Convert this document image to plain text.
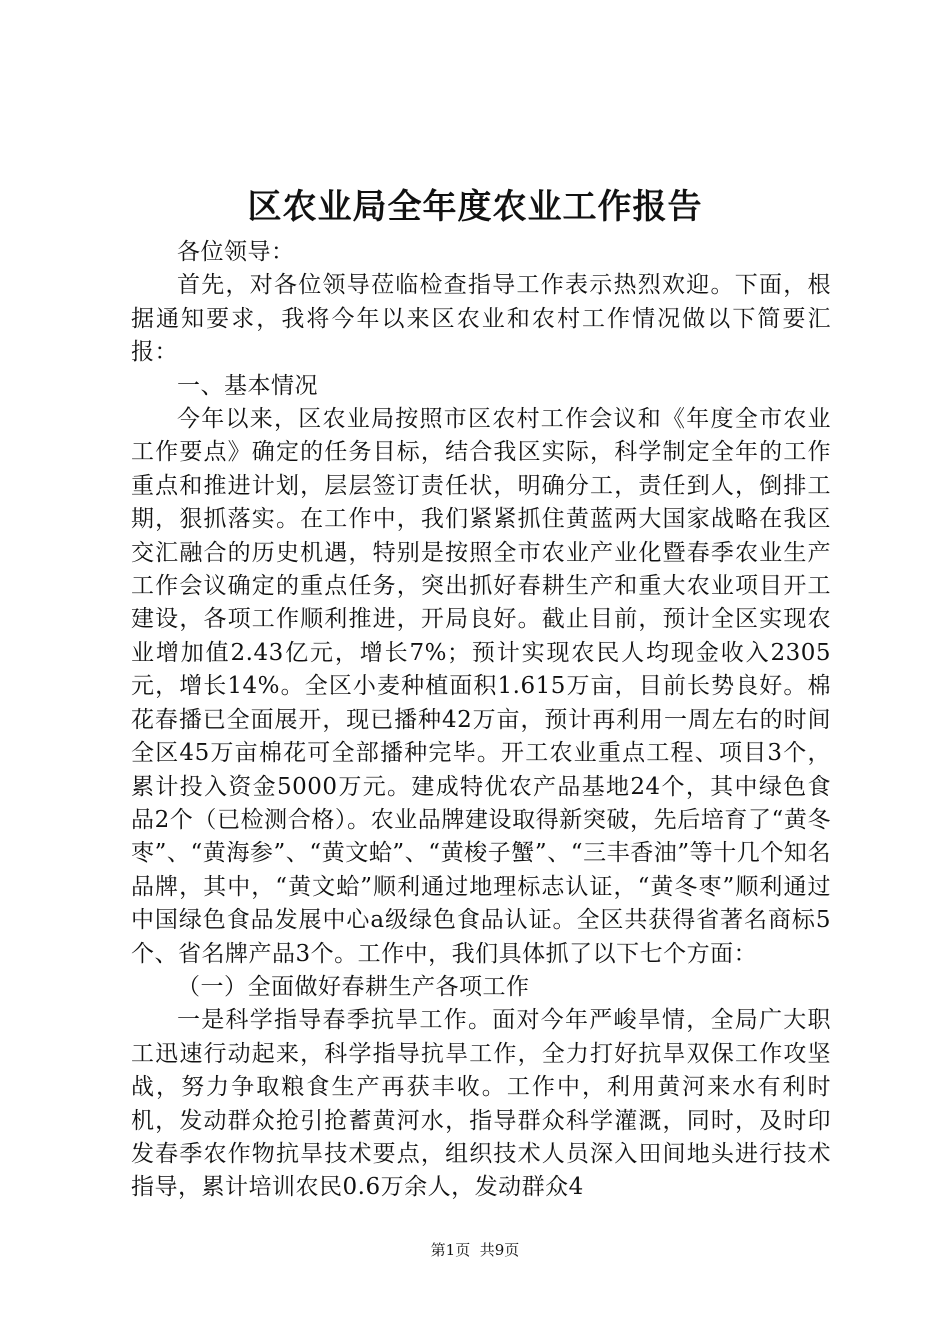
区农业局全年度农业工作报告

各位领导：

首先，对各位领导莅临检查指导工作表示热烈欢迎。下面，根据通知要求，我将今年以来区农业和农村工作情况做以下简要汇报：

一、基本情况

今年以来，区农业局按照市区农村工作会议和《年度全市农业工作要点》确定的任务目标，结合我区实际，科学制定全年的工作重点和推进计划，层层签订责任状，明确分工，责任到人，倒排工期，狠抓落实。在工作中，我们紧紧抓住黄蓝两大国家战略在我区交汇融合的历史机遇，特别是按照全市农业产业化暨春季农业生产工作会议确定的重点任务，突出抓好春耕生产和重大农业项目开工建设，各项工作顺利推进，开局良好。截止目前，预计全区实现农业增加值2.43亿元，增长7%；预计实现农民人均现金收入2305元，增长14%。全区小麦种植面积1.615万亩，目前长势良好。棉花春播已全面展开，现已播种42万亩，预计再利用一周左右的时间全区45万亩棉花可全部播种完毕。开工农业重点工程、项目3个，累计投入资金5000万元。建成特优农产品基地24个，其中绿色食品2个（已检测合格）。农业品牌建设取得新突破，先后培育了“黄冬枣”、“黄海参”、“黄文蛤”、“黄梭子蟹”、“三丰香油”等十几个知名品牌，其中，“黄文蛤”顺利通过地理标志认证，“黄冬枣”顺利通过中国绿色食品发展中心a级绿色食品认证。全区共获得省著名商标5个、省名牌产品3个。工作中，我们具体抓了以下七个方面：

（一）全面做好春耕生产各项工作

一是科学指导春季抗旱工作。面对今年严峻旱情，全局广大职工迅速行动起来，科学指导抗旱工作，全力打好抗旱双保工作攻坚战，努力争取粮食生产再获丰收。工作中，利用黄河来水有利时机，发动群众抢引抢蓄黄河水，指导群众科学灌溉，同时，及时印发春季农作物抗旱技术要点，组织技术人员深入田间地头进行技术指导，累计培训农民0.6万余人，发动群众4

第1页 共9页
